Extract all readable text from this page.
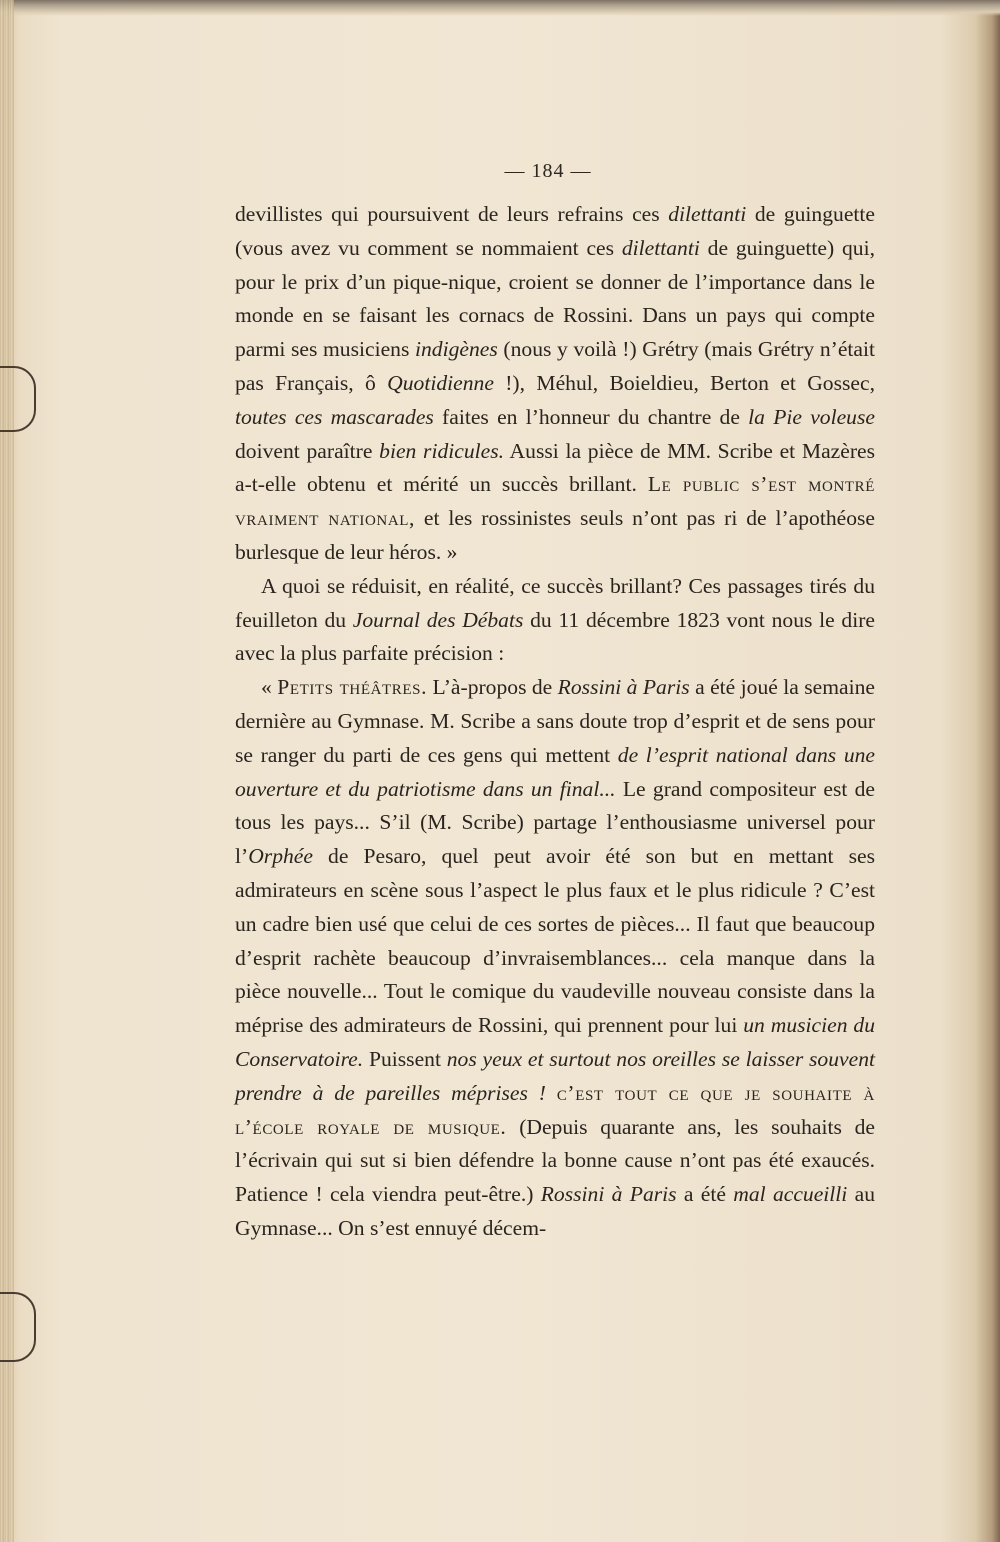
— 184 —

devillistes qui poursuivent de leurs refrains ces dilettanti de guinguette (vous avez vu comment se nommaient ces dilettanti de guinguette) qui, pour le prix d’un pique-nique, croient se donner de l’importance dans le monde en se faisant les cornacs de Rossini. Dans un pays qui compte parmi ses musiciens indigènes (nous y voilà !) Grétry (mais Grétry n’était pas Français, ô Quotidienne !), Méhul, Boieldieu, Berton et Gossec, toutes ces mascarades faites en l’honneur du chantre de la Pie voleuse doivent paraître bien ridicules. Aussi la pièce de MM. Scribe et Mazères a-t-elle obtenu et mérité un succès brillant. Le public s’est montré vraiment national, et les rossinistes seuls n’ont pas ri de l’apothéose burlesque de leur héros. »

A quoi se réduisit, en réalité, ce succès brillant? Ces passages tirés du feuilleton du Journal des Débats du 11 décembre 1823 vont nous le dire avec la plus parfaite précision :

« Petits théâtres. L’à-propos de Rossini à Paris a été joué la semaine dernière au Gymnase. M. Scribe a sans doute trop d’esprit et de sens pour se ranger du parti de ces gens qui mettent de l’esprit national dans une ouverture et du patriotisme dans un final... Le grand compositeur est de tous les pays... S’il (M. Scribe) partage l’enthousiasme universel pour l’Orphée de Pesaro, quel peut avoir été son but en mettant ses admirateurs en scène sous l’aspect le plus faux et le plus ridicule ? C’est un cadre bien usé que celui de ces sortes de pièces... Il faut que beaucoup d’esprit rachète beaucoup d’invraisemblances... cela manque dans la pièce nouvelle... Tout le comique du vaudeville nouveau consiste dans la méprise des admirateurs de Rossini, qui prennent pour lui un musicien du Conservatoire. Puissent nos yeux et surtout nos oreilles se laisser souvent prendre à de pareilles méprises ! c’est tout ce que je souhaite à l’école royale de musique. (Depuis quarante ans, les souhaits de l’écrivain qui sut si bien défendre la bonne cause n’ont pas été exaucés. Patience ! cela viendra peut-être.) Rossini à Paris a été mal accueilli au Gymnase... On s’est ennuyé décem-
